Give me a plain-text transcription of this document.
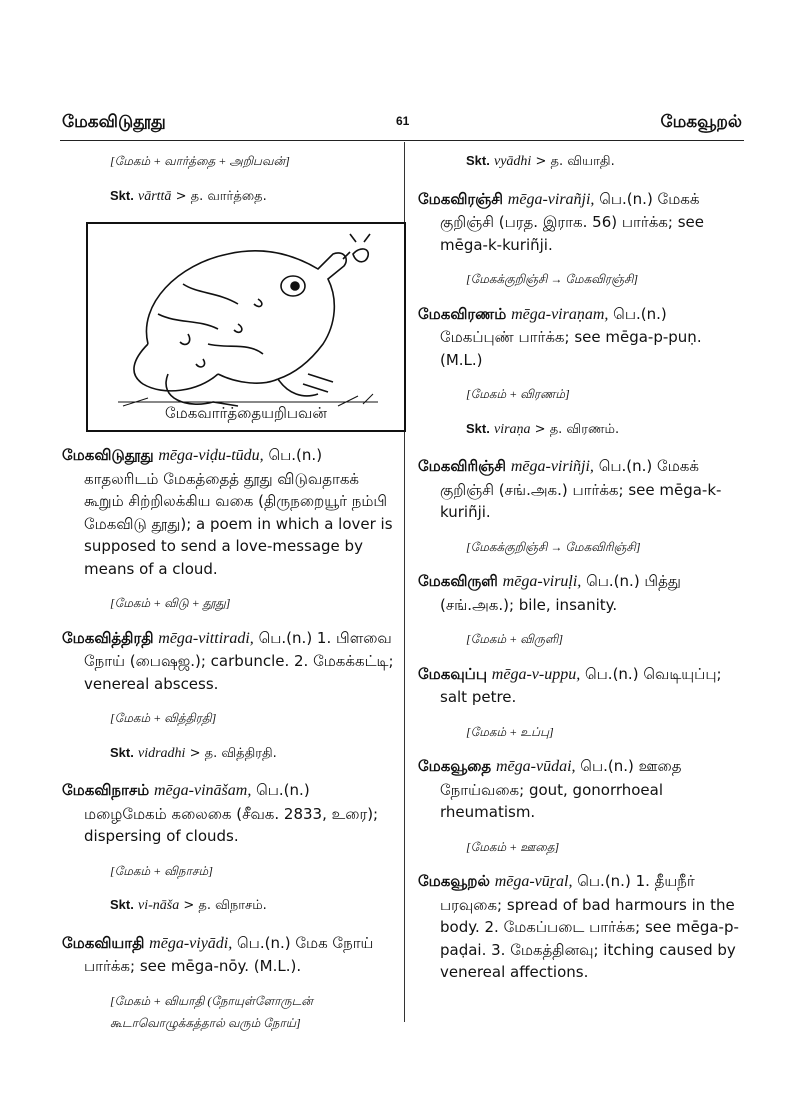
மேகவிடுதூது	61	மேகவூறல்
[மேகம் + வார்த்தை + அறிபவன்]
Skt. vārttā > த. வார்த்தை.
மேகவார்த்தையறிபவன்
மேகவிடுதூது mēga-viḍu-tūdu, பெ.(n.) காதலரிடம் மேகத்தைத் தூது விடுவதாகக் கூறும் சிற்றிலக்கிய வகை (திருநறையூர் நம்பி மேகவிடு தூது); a poem in which a lover is supposed to send a love-message by means of a cloud.
[மேகம் + விடு + தூது]
மேகவித்திரதி mēga-vittiradi, பெ.(n.) 1. பிளவை நோய் (பைஷஜ.); carbuncle. 2. மேகக்கட்டி; venereal abscess.
[மேகம் + வித்திரதி]
Skt. vidradhi > த. வித்திரதி.
மேகவிநாசம் mēga-vināšam, பெ.(n.) மழைமேகம் கலைகை (சீவக. 2833, உரை); dispersing of clouds.
[மேகம் + விநாசம்]
Skt. vi-nāša > த. விநாசம்.
மேகவியாதி mēga-viyādi, பெ.(n.) மேக நோய் பார்க்க; see mēga-nōy. (M.L.).
[மேகம் + வியாதி (நோயுள்ளோருடன் கூடாவொழுக்கத்தால் வரும் நோய்]
Skt. vyādhi > த. வியாதி.
மேகவிரஞ்சி mēga-virañji, பெ.(n.) மேகக் குறிஞ்சி (பரத. இராக. 56) பார்க்க; see mēga-k-kuriñji.
[மேகக்குறிஞ்சி → மேகவிரஞ்சி]
மேகவிரணம் mēga-viraṇam, பெ.(n.) மேகப்புண் பார்க்க; see mēga-p-puṇ. (M.L.)
[மேகம் + விரணம்]
Skt. viraṇa > த. விரணம்.
மேகவிரிஞ்சி mēga-viriñji, பெ.(n.) மேகக் குறிஞ்சி (சங்.அக.) பார்க்க; see mēga-k-kuriñji.
[மேகக்குறிஞ்சி → மேகவிரிஞ்சி]
மேகவிருளி mēga-viruḷi, பெ.(n.) பித்து (சங்.அக.); bile, insanity.
[மேகம் + விருளி]
மேகவுப்பு mēga-v-uppu, பெ.(n.) வெடியுப்பு; salt petre.
[மேகம் + உப்பு]
மேகவூதை mēga-vūdai, பெ.(n.) ஊதை நோய்வகை; gout, gonorrhoeal rheumatism.
[மேகம் + ஊதை]
மேகவூறல் mēga-vūṟal, பெ.(n.) 1. தீயநீர் பரவுகை; spread of bad harmours in the body. 2. மேகப்படை பார்க்க; see mēga-p-paḍai. 3. மேகத்தினவு; itching caused by venereal affections.
